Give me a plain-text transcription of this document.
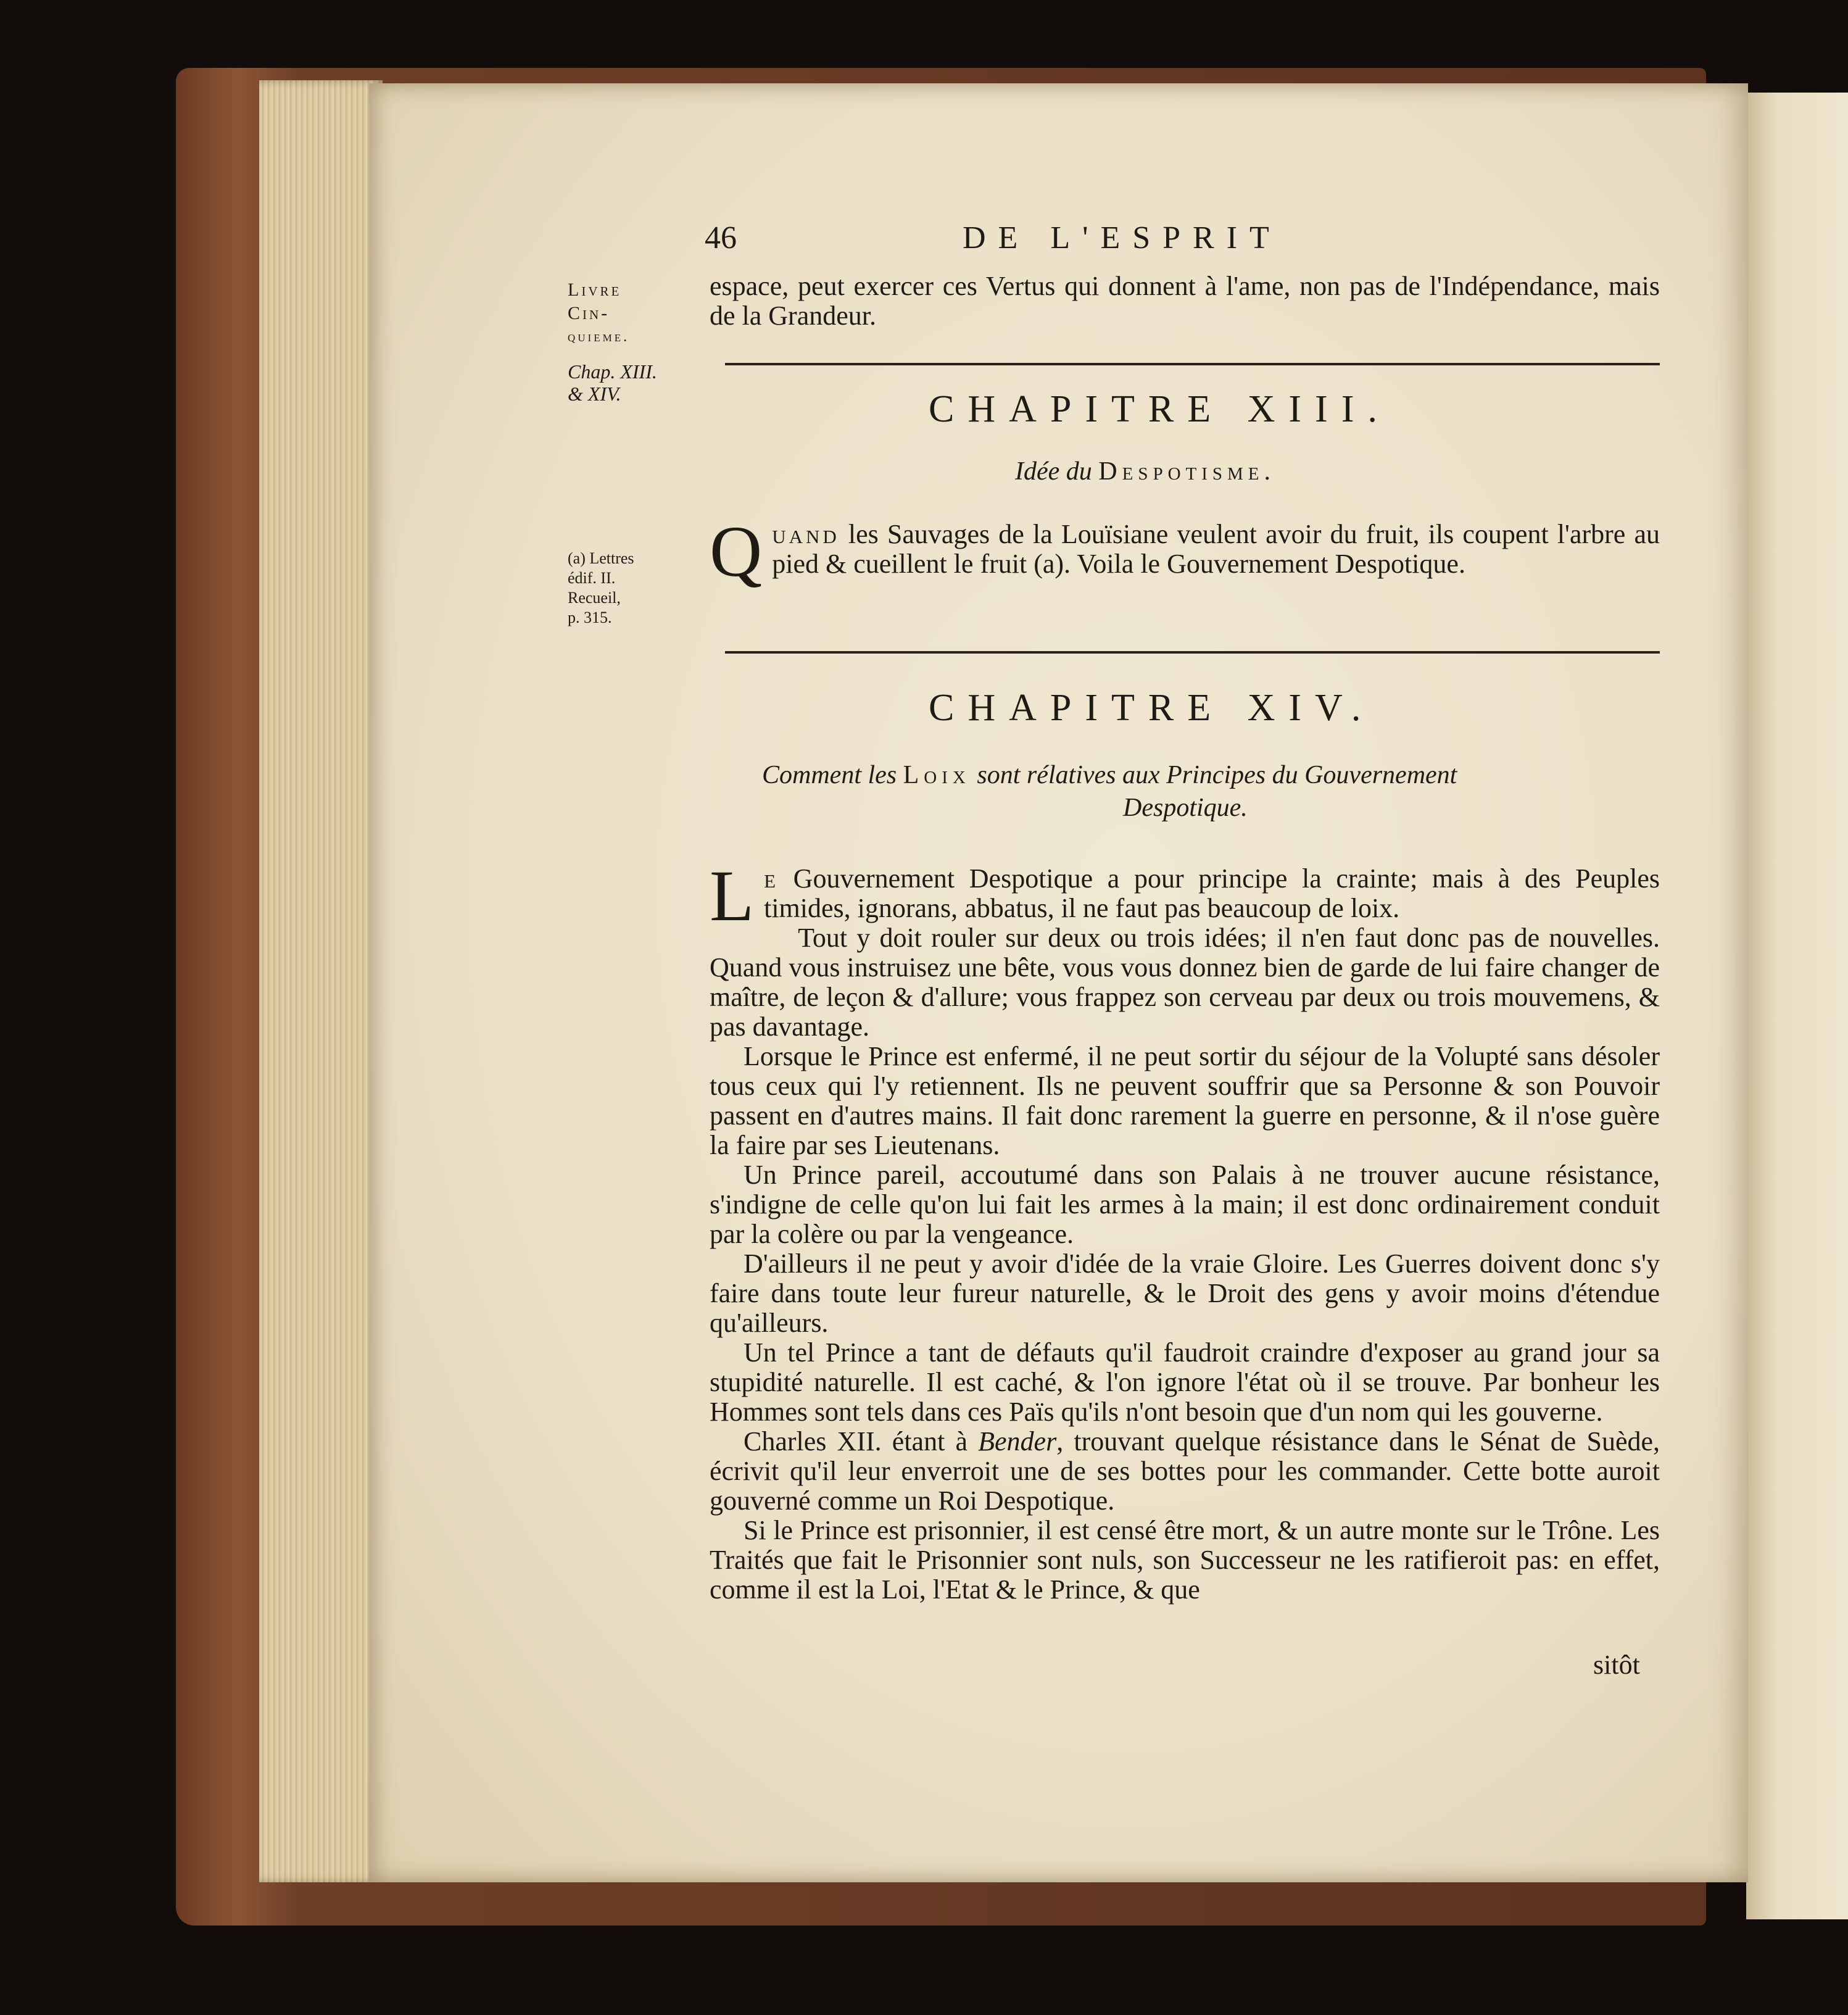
46	DE L'ESPRIT
Livre
Cin-
quieme.
Chap. XIII.
& XIV.
(a) Lettres
édif. II.
Recueil,
p. 315.

espace, peut exercer ces Vertus qui donnent à l'ame, non pas de l'Indépendance, mais de la Grandeur.

CHAPITRE XIII.
Idée du Despotisme.

Quand les Sauvages de la Louïsiane veulent avoir du fruit, ils coupent l'arbre au pied & cueillent le fruit (a). Voila le Gouvernement Despotique.

CHAPITRE XIV.
Comment les Loix sont rélatives aux Principes du Gouvernement
Despotique.

Le Gouvernement Despotique a pour principe la crainte; mais à des Peuples timides, ignorans, abbatus, il ne faut pas beaucoup de loix.

Tout y doit rouler sur deux ou trois idées; il n'en faut donc pas de nouvelles. Quand vous instruisez une bête, vous vous donnez bien de garde de lui faire changer de maître, de leçon & d'allure; vous frappez son cerveau par deux ou trois mouvemens, & pas davantage.

Lorsque le Prince est enfermé, il ne peut sortir du séjour de la Volupté sans désoler tous ceux qui l'y retiennent. Ils ne peuvent souffrir que sa Personne & son Pouvoir passent en d'autres mains. Il fait donc rarement la guerre en personne, & il n'ose guère la faire par ses Lieutenans.

Un Prince pareil, accoutumé dans son Palais à ne trouver aucune résistance, s'indigne de celle qu'on lui fait les armes à la main; il est donc ordinairement conduit par la colère ou par la vengeance.

D'ailleurs il ne peut y avoir d'idée de la vraie Gloire. Les Guerres doivent donc s'y faire dans toute leur fureur naturelle, & le Droit des gens y avoir moins d'étendue qu'ailleurs.

Un tel Prince a tant de défauts qu'il faudroit craindre d'exposer au grand jour sa stupidité naturelle. Il est caché, & l'on ignore l'état où il se trouve. Par bonheur les Hommes sont tels dans ces Païs qu'ils n'ont besoin que d'un nom qui les gouverne.

Charles XII. étant à Bender, trouvant quelque résistance dans le Sénat de Suède, écrivit qu'il leur enverroit une de ses bottes pour les commander. Cette botte auroit gouverné comme un Roi Despotique.

Si le Prince est prisonnier, il est censé être mort, & un autre monte sur le Trône. Les Traités que fait le Prisonnier sont nuls, son Successeur ne les ratifieroit pas: en effet, comme il est la Loi, l'Etat & le Prince, & que

sitôt
